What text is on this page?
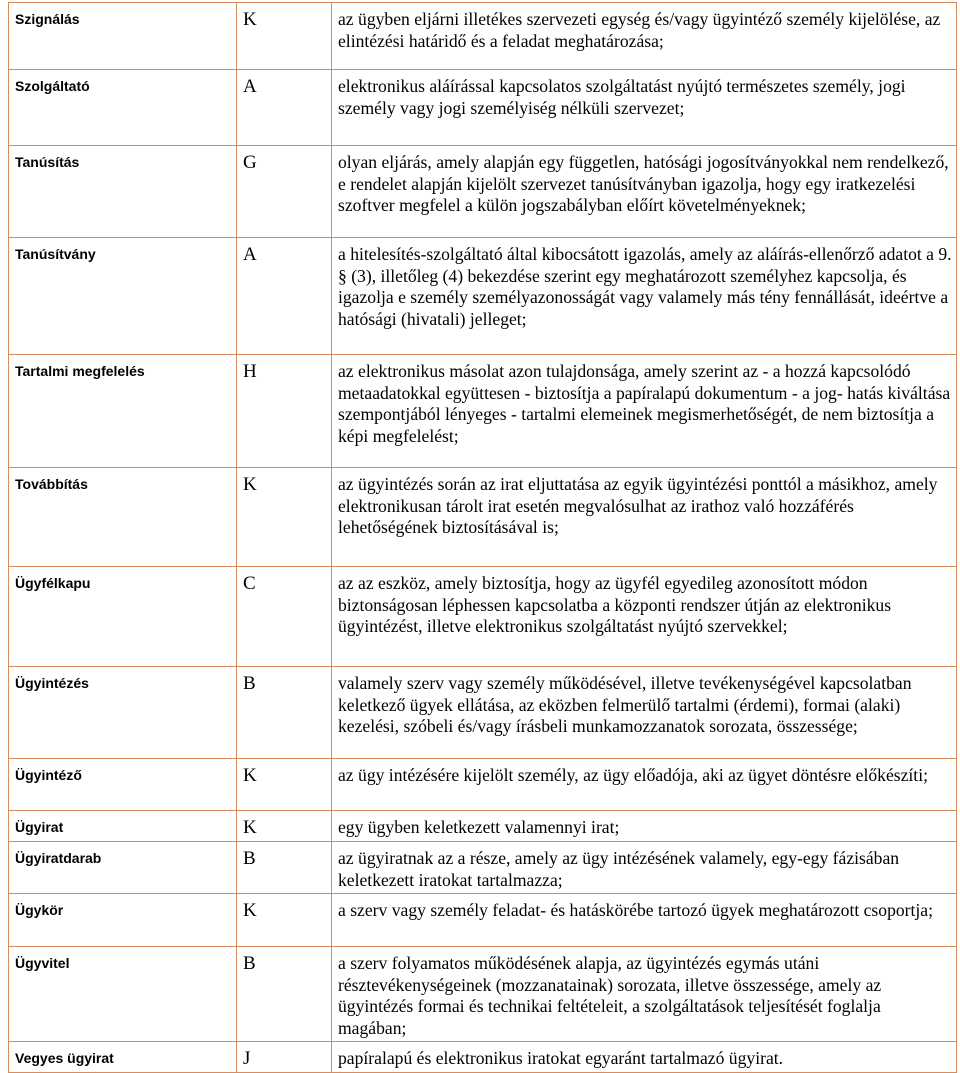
Szignálás	K	az ügyben eljárni illetékes szervezeti egység és/vagy ügyintéző személy kijelölése, az elintézési határidő és a feladat meghatározása;
Szolgáltató	A	elektronikus aláírással kapcsolatos szolgáltatást nyújtó természetes személy, jogi személy vagy jogi személyiség nélküli szervezet;
Tanúsítás	G	olyan eljárás, amely alapján egy független, hatósági jogosítványokkal nem rendelkező, e rendelet alapján kijelölt szervezet tanúsítványban igazolja, hogy egy iratkezelési szoftver megfelel a külön jogszabályban előírt követelményeknek;
Tanúsítvány	A	a hitelesítés-szolgáltató által kibocsátott igazolás, amely az aláírás-ellenőrző adatot a 9. § (3), illetőleg (4) bekezdése szerint egy meghatározott személyhez kapcsolja, és igazolja e személy személyazonosságát vagy valamely más tény fennállását, ideértve a hatósági (hivatali) jelleget;
Tartalmi megfelelés	H	az elektronikus másolat azon tulajdonsága, amely szerint az - a hozzá kapcsolódó metaadatokkal együttesen - biztosítja a papíralapú dokumentum - a jog- hatás kiváltása szempontjából lényeges - tartalmi elemeinek megismerhetőségét, de nem biztosítja a képi megfelelést;
Továbbítás	K	az ügyintézés során az irat eljuttatása az egyik ügyintézési ponttól a másikhoz, amely elektronikusan tárolt irat esetén megvalósulhat az irathoz való hozzáférés lehetőségének biztosításával is;
Ügyfélkapu	C	az az eszköz, amely biztosítja, hogy az ügyfél egyedileg azonosított módon biztonságosan léphessen kapcsolatba a központi rendszer útján az elektronikus ügyintézést, illetve elektronikus szolgáltatást nyújtó szervekkel;
Ügyintézés	B	valamely szerv vagy személy működésével, illetve tevékenységével kapcsolatban keletkező ügyek ellátása, az eközben felmerülő tartalmi (érdemi), formai (alaki) kezelési, szóbeli és/vagy írásbeli munkamozzanatok sorozata, összessége;
Ügyintéző	K	az ügy intézésére kijelölt személy, az ügy előadója, aki az ügyet döntésre előkészíti;
Ügyirat	K	egy ügyben keletkezett valamennyi irat;
Ügyiratdarab	B	az ügyiratnak az a része, amely az ügy intézésének valamely, egy-egy fázisában keletkezett iratokat tartalmazza;
Ügykör	K	a szerv vagy személy feladat- és hatáskörébe tartozó ügyek meghatározott csoportja;
Ügyvitel	B	a szerv folyamatos működésének alapja, az ügyintézés egymás utáni résztevékenységeinek (mozzanatainak) sorozata, illetve összessége, amely az ügyintézés formai és technikai feltételeit, a szolgáltatások teljesítését foglalja magában;
Vegyes ügyirat	J	papíralapú és elektronikus iratokat egyaránt tartalmazó ügyirat.
